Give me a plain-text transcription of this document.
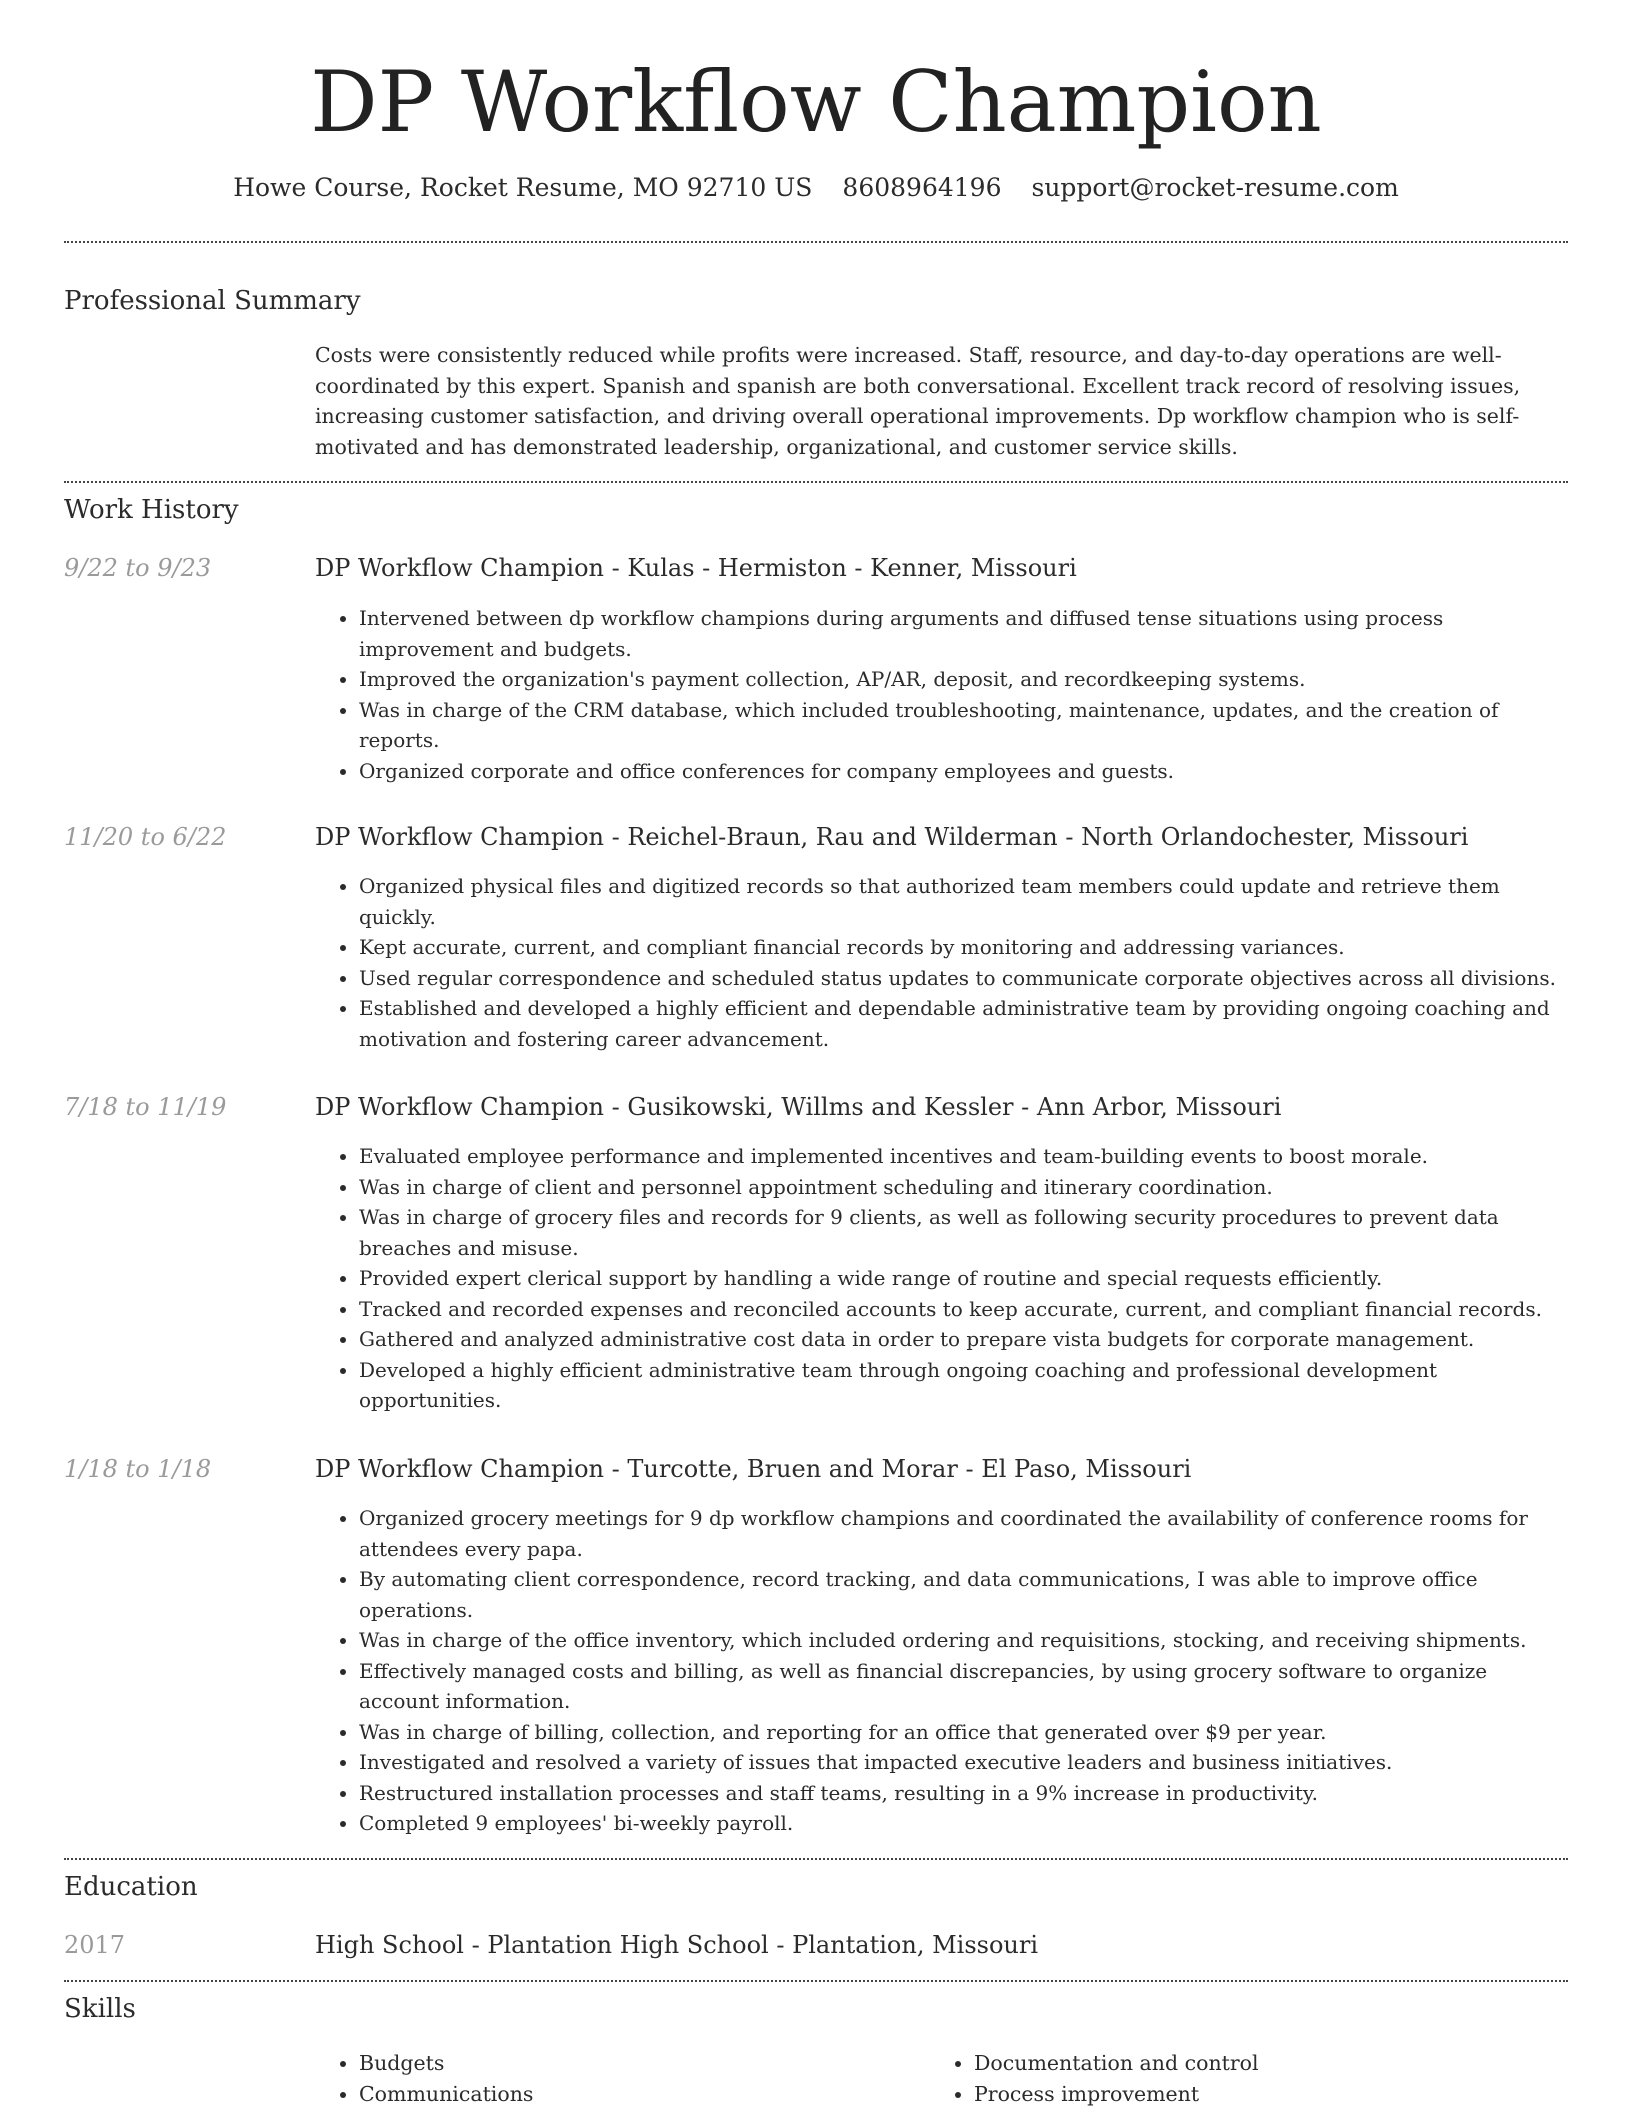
DP Workflow Champion
Howe Course, Rocket Resume, MO 92710 US 8608964196 support@rocket-resume.com
Professional Summary
Costs were consistently reduced while profits were increased. Staff, resource, and day-to-day operations are well-coordinated by this expert. Spanish and spanish are both conversational. Excellent track record of resolving issues, increasing customer satisfaction, and driving overall operational improvements. Dp workflow champion who is self-motivated and has demonstrated leadership, organizational, and customer service skills.
Work History
9/22 to 9/23	DP Workflow Champion - Kulas - Hermiston - Kenner, Missouri
• Intervened between dp workflow champions during arguments and diffused tense situations using process improvement and budgets.
• Improved the organization's payment collection, AP/AR, deposit, and recordkeeping systems.
• Was in charge of the CRM database, which included troubleshooting, maintenance, updates, and the creation of reports.
• Organized corporate and office conferences for company employees and guests.
11/20 to 6/22	DP Workflow Champion - Reichel-Braun, Rau and Wilderman - North Orlandochester, Missouri
• Organized physical files and digitized records so that authorized team members could update and retrieve them quickly.
• Kept accurate, current, and compliant financial records by monitoring and addressing variances.
• Used regular correspondence and scheduled status updates to communicate corporate objectives across all divisions.
• Established and developed a highly efficient and dependable administrative team by providing ongoing coaching and motivation and fostering career advancement.
7/18 to 11/19	DP Workflow Champion - Gusikowski, Willms and Kessler - Ann Arbor, Missouri
• Evaluated employee performance and implemented incentives and team-building events to boost morale.
• Was in charge of client and personnel appointment scheduling and itinerary coordination.
• Was in charge of grocery files and records for 9 clients, as well as following security procedures to prevent data breaches and misuse.
• Provided expert clerical support by handling a wide range of routine and special requests efficiently.
• Tracked and recorded expenses and reconciled accounts to keep accurate, current, and compliant financial records.
• Gathered and analyzed administrative cost data in order to prepare vista budgets for corporate management.
• Developed a highly efficient administrative team through ongoing coaching and professional development opportunities.
1/18 to 1/18	DP Workflow Champion - Turcotte, Bruen and Morar - El Paso, Missouri
• Organized grocery meetings for 9 dp workflow champions and coordinated the availability of conference rooms for attendees every papa.
• By automating client correspondence, record tracking, and data communications, I was able to improve office operations.
• Was in charge of the office inventory, which included ordering and requisitions, stocking, and receiving shipments.
• Effectively managed costs and billing, as well as financial discrepancies, by using grocery software to organize account information.
• Was in charge of billing, collection, and reporting for an office that generated over $9 per year.
• Investigated and resolved a variety of issues that impacted executive leaders and business initiatives.
• Restructured installation processes and staff teams, resulting in a 9% increase in productivity.
• Completed 9 employees' bi-weekly payroll.
Education
2017	High School - Plantation High School - Plantation, Missouri
Skills
• Budgets
• Communications
• Documentation and control
• Process improvement
